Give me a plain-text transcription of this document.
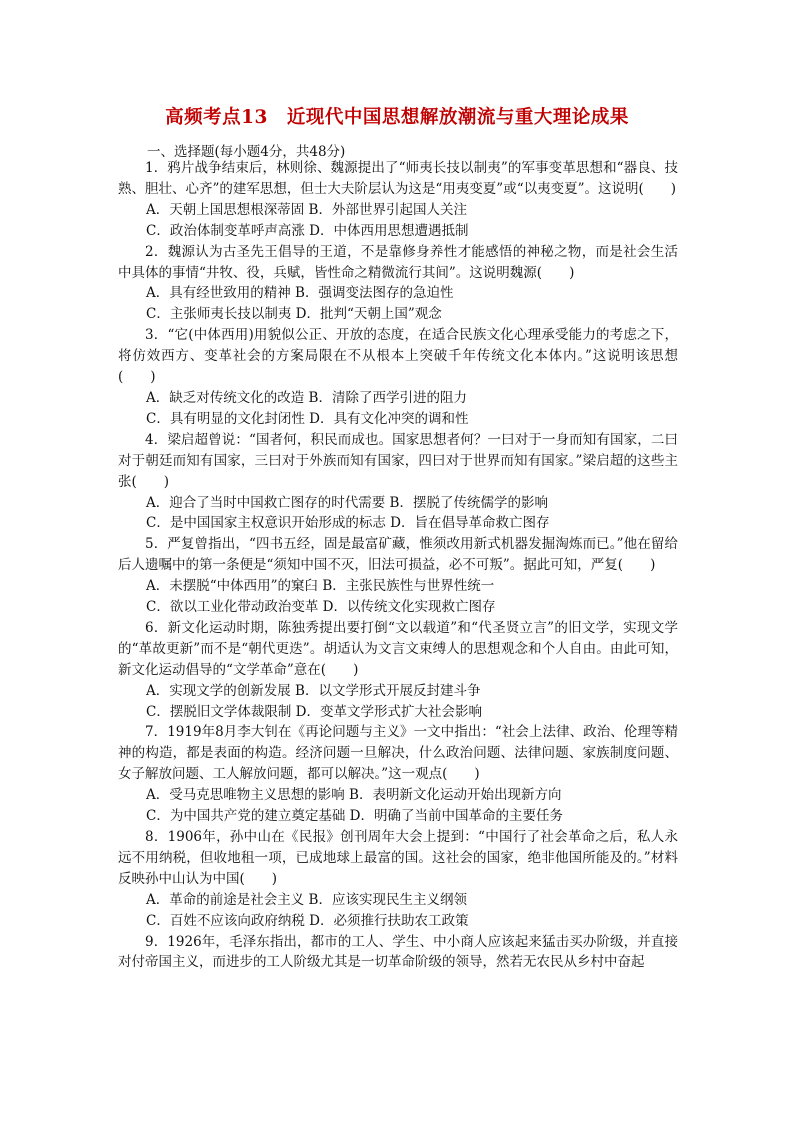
高频考点13　近现代中国思想解放潮流与重大理论成果
一、选择题(每小题4分，共48分)

1．鸦片战争结束后，林则徐、魏源提出了“师夷长技以制夷”的军事变革思想和“器良、技熟、胆壮、心齐”的建军思想，但士大夫阶层认为这是“用夷变夏”或“以夷变夏”。这说明(　　)

A．天朝上国思想根深蒂固 B．外部世界引起国人关注

C．政治体制变革呼声高涨 D．中体西用思想遭遇抵制

2．魏源认为古圣先王倡导的王道，不是靠修身养性才能感悟的神秘之物，而是社会生活中具体的事情“井牧、役，兵赋，皆性命之精微流行其间”。这说明魏源(　　)

A．具有经世致用的精神 B．强调变法图存的急迫性

C．主张师夷长技以制夷 D．批判“天朝上国”观念

3．“它(中体西用)用貌似公正、开放的态度，在适合民族文化心理承受能力的考虑之下，将仿效西方、变革社会的方案局限在不从根本上突破千年传统文化本体内。”这说明该思想(　　)

A．缺乏对传统文化的改造 B．清除了西学引进的阻力

C．具有明显的文化封闭性 D．具有文化冲突的调和性

4．梁启超曾说：“国者何，积民而成也。国家思想者何？一曰对于一身而知有国家，二曰对于朝廷而知有国家，三曰对于外族而知有国家，四曰对于世界而知有国家。”梁启超的这些主张(　　)

A．迎合了当时中国救亡图存的时代需要 B．摆脱了传统儒学的影响

C．是中国国家主权意识开始形成的标志 D．旨在倡导革命救亡图存

5．严复曾指出，“四书五经，固是最富矿藏，惟须改用新式机器发掘淘炼而已。”他在留给后人遗嘱中的第一条便是“须知中国不灭，旧法可损益，必不可叛”。据此可知，严复(　　)

A．未摆脱“中体西用”的窠臼 B．主张民族性与世界性统一

C．欲以工业化带动政治变革 D．以传统文化实现救亡图存

6．新文化运动时期，陈独秀提出要打倒“文以载道”和“代圣贤立言”的旧文学，实现文学的“革故更新”而不是“朝代更迭”。胡适认为文言文束缚人的思想观念和个人自由。由此可知，新文化运动倡导的“文学革命”意在(　　)

A．实现文学的创新发展 B．以文学形式开展反封建斗争

C．摆脱旧文学体裁限制 D．变革文学形式扩大社会影响

7．1919年8月李大钊在《再论问题与主义》一文中指出：“社会上法律、政治、伦理等精神的构造，都是表面的构造。经济问题一旦解决，什么政治问题、法律问题、家族制度问题、女子解放问题、工人解放问题，都可以解决。”这一观点(　　)

A．受马克思唯物主义思想的影响 B．表明新文化运动开始出现新方向

C．为中国共产党的建立奠定基础 D．明确了当前中国革命的主要任务

8．1906年，孙中山在《民报》创刊周年大会上提到：“中国行了社会革命之后，私人永远不用纳税，但收地租一项，已成地球上最富的国。这社会的国家，绝非他国所能及的。”材料反映孙中山认为中国(　　)

A．革命的前途是社会主义 B．应该实现民生主义纲领

C．百姓不应该向政府纳税 D．必须推行扶助农工政策

9．1926年，毛泽东指出，都市的工人、学生、中小商人应该起来猛击买办阶级，并直接对付帝国主义，而进步的工人阶级尤其是一切革命阶级的领导，然若无农民从乡村中奋起
